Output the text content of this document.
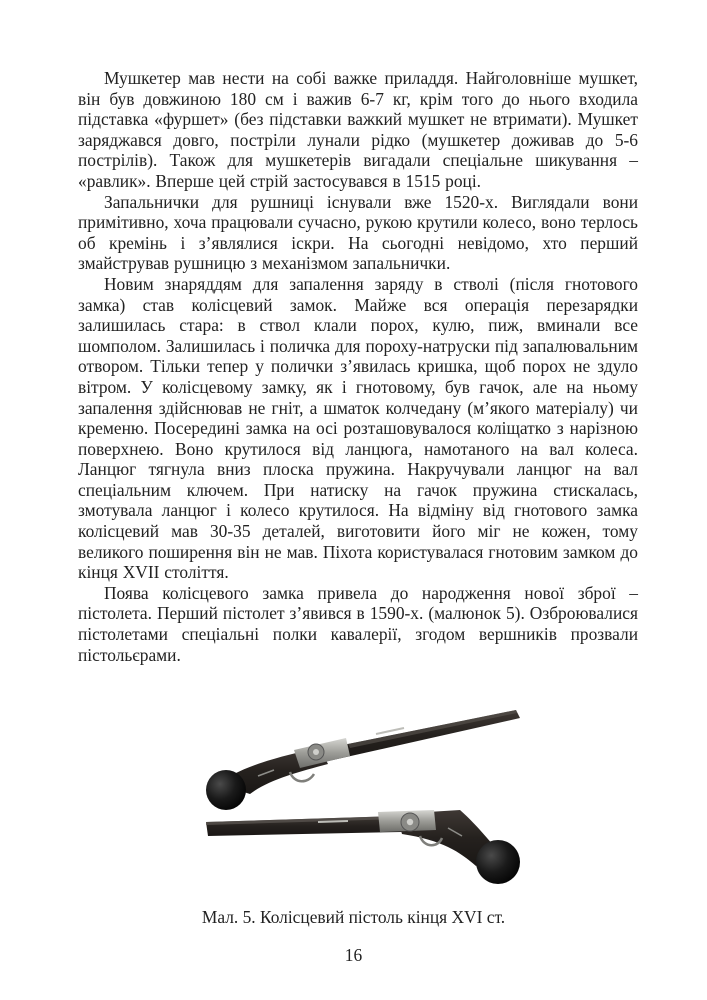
Мушкетер мав нести на собі важке приладдя. Найголовніше мушкет, він був довжиною 180 см і важив 6-7 кг, крім того до нього входила підставка «фуршет» (без підставки важкий мушкет не втримати). Мушкет заряджався довго, постріли лунали рідко (мушкетер доживав до 5-6 пострілів). Також для мушкетерів вигадали спеціальне шикування – «равлик». Вперше цей стрій застосувався в 1515 році.

Запальнички для рушниці існували вже 1520-х. Виглядали вони примітивно, хоча працювали сучасно, рукою крутили колесо, воно терлось об кремінь і з’являлися іскри. На сьогодні невідомо, хто перший змайстрував рушницю з механізмом запальнички.

Новим знаряддям для запалення заряду в стволі (після гнотового замка) став колісцевий замок. Майже вся операція перезарядки залишилась стара: в ствол клали порох, кулю, пиж, вминали все шомполом. Залишилась і поличка для пороху-натруски під запалювальним отвором. Тільки тепер у полички з’явилась кришка, щоб порох не здуло вітром. У колісцевому замку, як і гнотовому, був гачок, але на ньому запалення здійснював не гніт, а шматок колчедану (м’якого матеріалу) чи кременю. Посередині замка на осі розташовувалося коліщатко з нарізною поверхнею. Воно крутилося від ланцюга, намотаного на вал колеса. Ланцюг тягнула вниз плоска пружина. Накручували ланцюг на вал спеціальним ключем. При натиску на гачок пружина стискалась, змотувала ланцюг і колесо крутилося. На відміну від гнотового замка колісцевий мав 30-35 деталей, виготовити його міг не кожен, тому великого поширення він не мав. Піхота користувалася гнотовим замком до кінця XVII століття.

Поява колісцевого замка привела до народження нової зброї – пістолета. Перший пістолет з’явився в 1590-х. (малюнок 5). Озброювалися пістолетами спеціальні полки кавалерії, згодом вершників прозвали пістольєрами.

Мал. 5. Колісцевий пістоль кінця XVI ст.
16
